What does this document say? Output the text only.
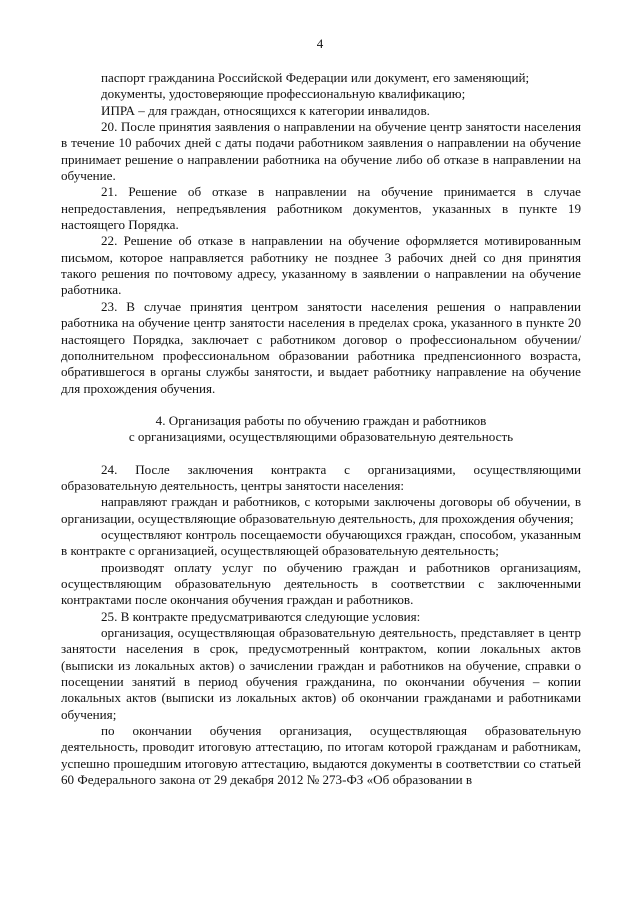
4

паспорт гражданина Российской Федерации или документ, его заменяющий;

документы, удостоверяющие профессиональную квалификацию;

ИПРА – для граждан, относящихся к категории инвалидов.

20. После принятия заявления о направлении на обучение центр занятости населения в течение 10 рабочих дней с даты подачи работником заявления о направлении на обучение принимает решение о направлении работника на обучение либо об отказе в направлении на обучение.

21. Решение об отказе в направлении на обучение принимается в случае непредоставления, непредъявления работником документов, указанных в пункте 19 настоящего Порядка.

22. Решение об отказе в направлении на обучение оформляется мотивированным письмом, которое направляется работнику не позднее 3 рабочих дней со дня принятия такого решения по почтовому адресу, указанному в заявлении о направлении на обучение работника.

23. В случае принятия центром занятости населения решения о направлении работника на обучение центр занятости населения в пределах срока, указанного в пункте 20 настоящего Порядка, заключает с работником договор о профессиональном обучении/дополнительном профессиональном образовании работника предпенсионного возраста, обратившегося в органы службы занятости, и выдает работнику направление на обучение для прохождения обучения.

4. Организация работы по обучению граждан и работников

с организациями, осуществляющими образовательную деятельность

24. После заключения контракта с организациями, осуществляющими образовательную деятельность, центры занятости населения:

направляют граждан и работников, с которыми заключены договоры об обучении, в организации, осуществляющие образовательную деятельность, для прохождения обучения;

осуществляют контроль посещаемости обучающихся граждан, способом, указанным в контракте с организацией, осуществляющей образовательную деятельность;

производят оплату услуг по обучению граждан и работников организациям, осуществляющим образовательную деятельность в соответствии с заключенными контрактами после окончания обучения граждан и работников.

25. В контракте предусматриваются следующие условия:

организация, осуществляющая образовательную деятельность, представляет в центр занятости населения в срок, предусмотренный контрактом, копии локальных актов (выписки из локальных актов) о зачислении граждан и работников на обучение, справки о посещении занятий в период обучения гражданина, по окончании обучения – копии локальных актов (выписки из локальных актов) об окончании гражданами и работниками обучения;

по окончании обучения организация, осуществляющая образовательную деятельность, проводит итоговую аттестацию, по итогам которой гражданам и работникам, успешно прошедшим итоговую аттестацию, выдаются документы в соответствии со статьей 60 Федерального закона от 29 декабря 2012 № 273-ФЗ «Об образовании в
